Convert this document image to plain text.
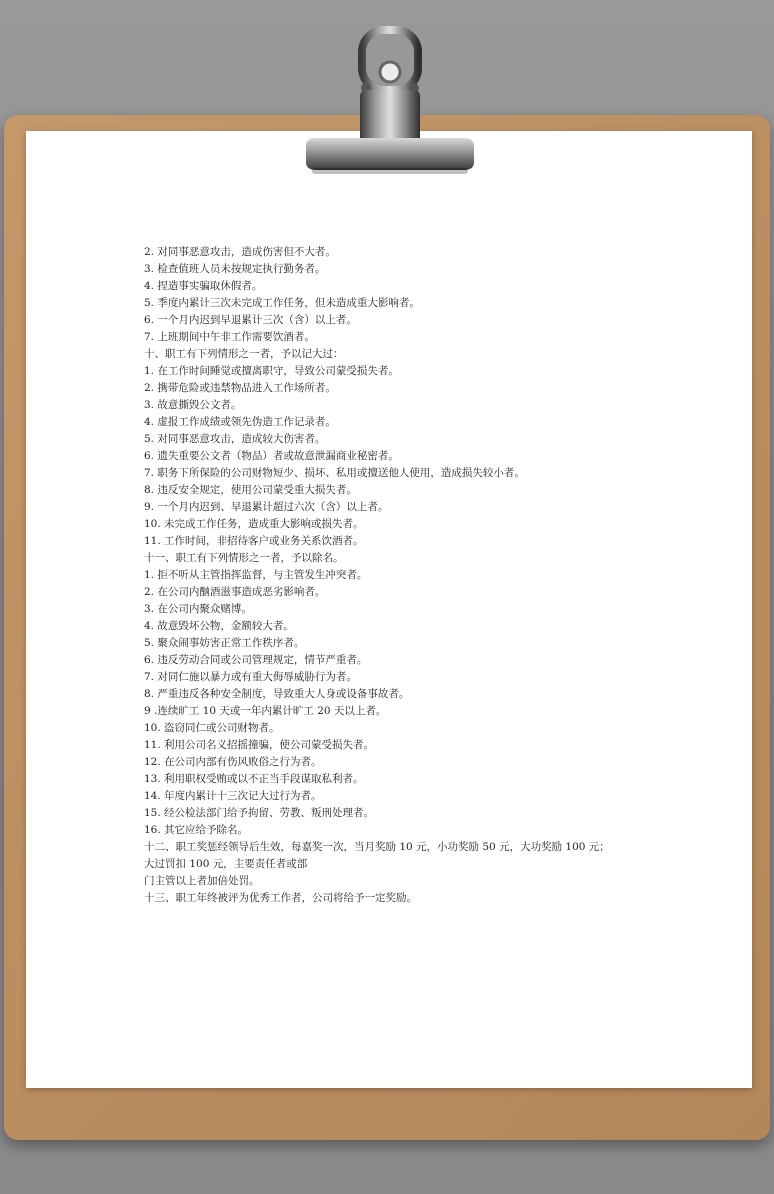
2. 对同事恶意攻击，造成伤害但不大者。
3. 检查值班人员未按规定执行勤务者。
4. 捏造事实骗取休假者。
5. 季度内累计三次未完成工作任务，但未造成重大影响者。
6. 一个月内迟到早退累计三次（含）以上者。
7. 上班期间中午非工作需要饮酒者。
十、职工有下列情形之一者，予以记大过：
1. 在工作时间睡觉或擅离职守，导致公司蒙受损失者。
2. 携带危险或违禁物品进入工作场所者。
3. 故意撕毁公文者。
4. 虚报工作成绩或领先伪造工作记录者。
5. 对同事恶意攻击，造成较大伤害者。
6. 遗失重要公文者（物品）者或故意泄漏商业秘密者。
7. 职务下所保险的公司财物短少、损坏、私用或擅送他人使用，造成损失较小者。
8. 违反安全规定，使用公司蒙受重大损失者。
9. 一个月内迟到、早退累计超过六次（含）以上者。
10. 未完成工作任务，造成重大影响或损失者。
11. 工作时间，非招待客户或业务关系饮酒者。
十一、职工有下列情形之一者，予以除名。
1. 拒不听从主管指挥监督，与主管发生冲突者。
2. 在公司内酗酒滋事造成恶劣影响者。
3. 在公司内聚众赌博。
4. 故意毁坏公物，金额较大者。
5. 聚众闹事妨害正常工作秩序者。
6. 违反劳动合同或公司管理规定，情节严重者。
7. 对同仁施以暴力或有重大侮辱威胁行为者。
8. 严重违反各种安全制度，导致重大人身或设备事故者。
9 .连续旷工 10 天或一年内累计旷工 20 天以上者。
10. 盗窃同仁或公司财物者。
11. 利用公司名义招摇撞骗，使公司蒙受损失者。
12. 在公司内部有伤风败俗之行为者。
13. 利用职权受贿或以不正当手段谋取私利者。
14. 年度内累计十三次记大过行为者。
15. 经公检法部门给予拘留、劳教、叛刑处理者。
16. 其它应给予除名。
十二、职工奖惩经领导后生效，每嘉奖一次，当月奖励 10 元，小功奖励 50 元，大功奖励 100 元；
大过罚扣 100 元，主要责任者或部
门主管以上者加倍处罚。
十三、职工年终被评为优秀工作者，公司将给予一定奖励。
